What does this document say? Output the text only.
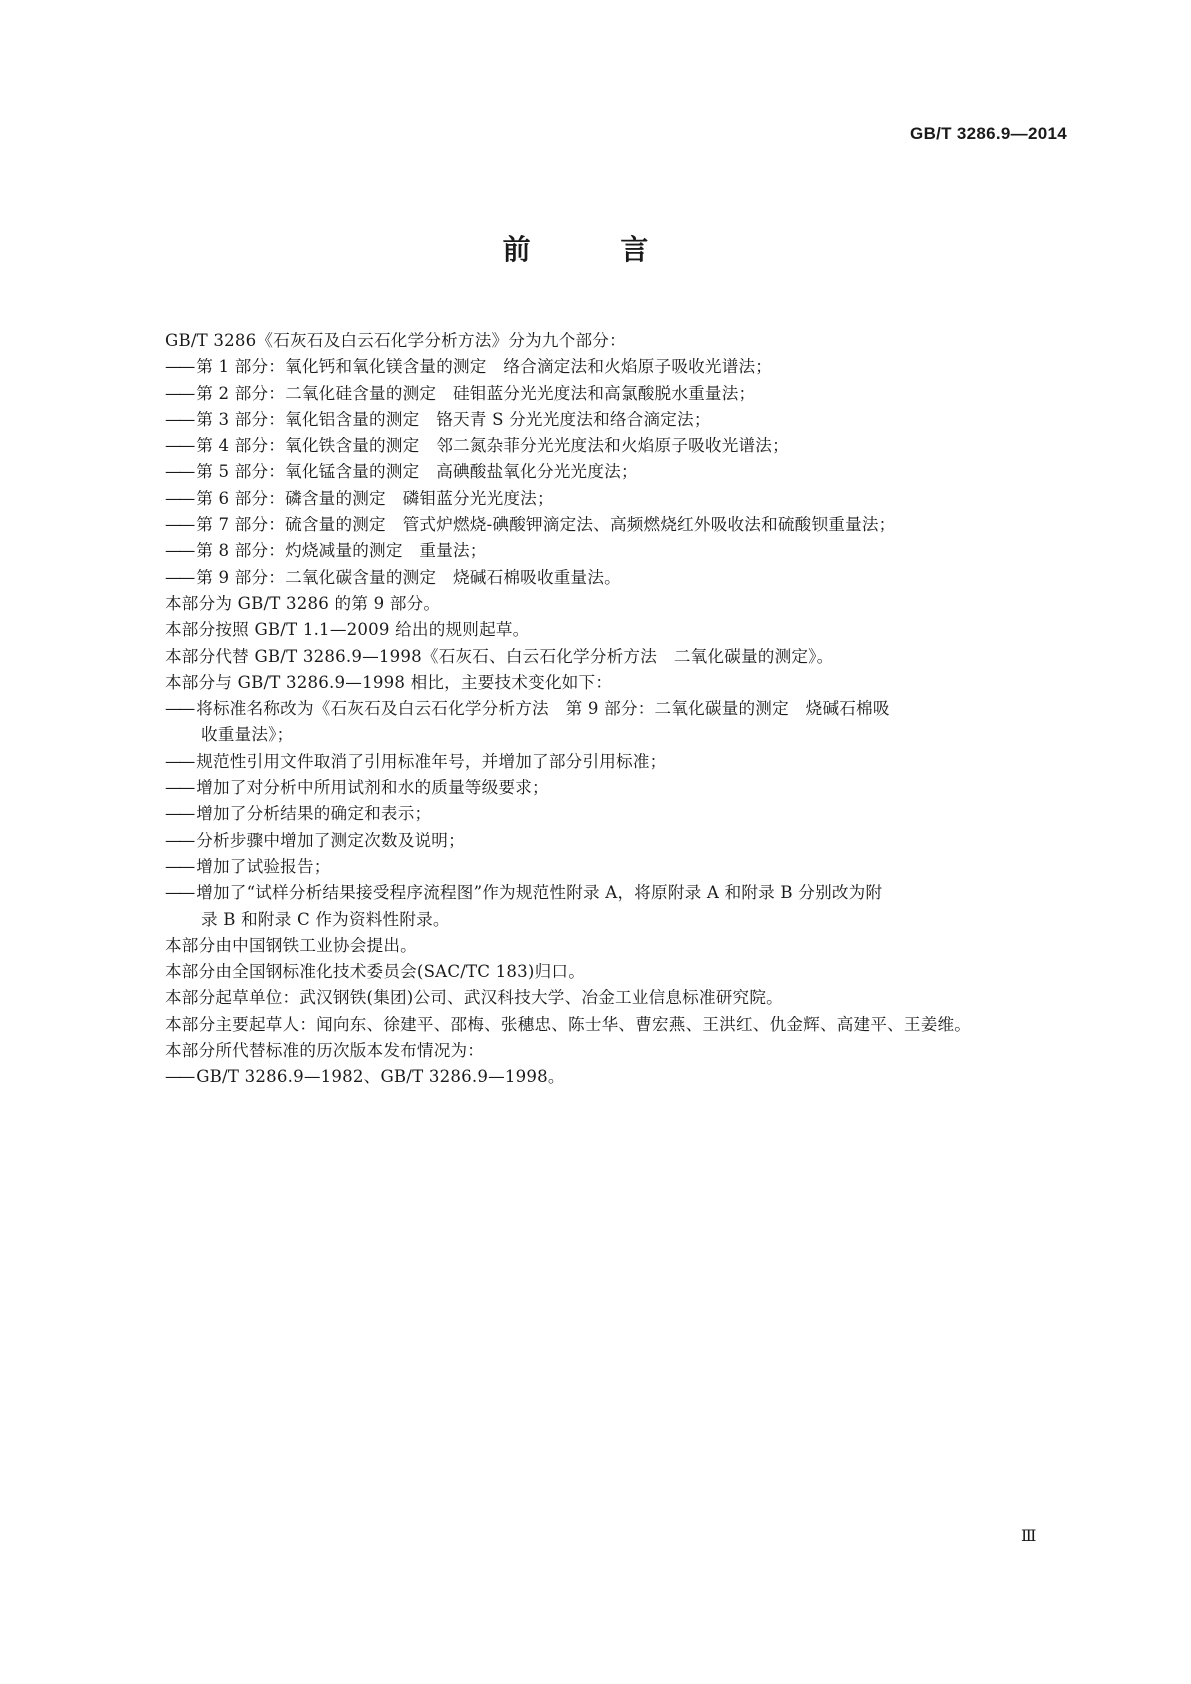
GB/T 3286.9—2014
前 言
GB/T 3286《石灰石及白云石化学分析方法》分为九个部分：
—— 第 1 部分：氧化钙和氧化镁含量的测定　络合滴定法和火焰原子吸收光谱法；
—— 第 2 部分：二氧化硅含量的测定　硅钼蓝分光光度法和高氯酸脱水重量法；
—— 第 3 部分：氧化铝含量的测定　铬天青 S 分光光度法和络合滴定法；
—— 第 4 部分：氧化铁含量的测定　邻二氮杂菲分光光度法和火焰原子吸收光谱法；
—— 第 5 部分：氧化锰含量的测定　高碘酸盐氧化分光光度法；
—— 第 6 部分：磷含量的测定　磷钼蓝分光光度法；
—— 第 7 部分：硫含量的测定　管式炉燃烧-碘酸钾滴定法、高频燃烧红外吸收法和硫酸钡重量法；
—— 第 8 部分：灼烧减量的测定　重量法；
—— 第 9 部分：二氧化碳含量的测定　烧碱石棉吸收重量法。
本部分为 GB/T 3286 的第 9 部分。
本部分按照 GB/T 1.1—2009 给出的规则起草。
本部分代替 GB/T 3286.9—1998《石灰石、白云石化学分析方法　二氧化碳量的测定》。
本部分与 GB/T 3286.9—1998 相比，主要技术变化如下：
—— 将标准名称改为《石灰石及白云石化学分析方法　第 9 部分：二氧化碳量的测定　烧碱石棉吸
收重量法》；
—— 规范性引用文件取消了引用标准年号，并增加了部分引用标准；
—— 增加了对分析中所用试剂和水的质量等级要求；
—— 增加了分析结果的确定和表示；
—— 分析步骤中增加了测定次数及说明；
—— 增加了试验报告；
—— 增加了“试样分析结果接受程序流程图”作为规范性附录 A，将原附录 A 和附录 B 分别改为附
录 B 和附录 C 作为资料性附录。
本部分由中国钢铁工业协会提出。
本部分由全国钢标准化技术委员会(SAC/TC 183)归口。
本部分起草单位：武汉钢铁(集团)公司、武汉科技大学、冶金工业信息标准研究院。
本部分主要起草人：闻向东、徐建平、邵梅、张穗忠、陈士华、曹宏燕、王洪红、仇金辉、高建平、王姜维。
本部分所代替标准的历次版本发布情况为：
—— GB/T 3286.9—1982、GB/T 3286.9—1998。
Ⅲ
